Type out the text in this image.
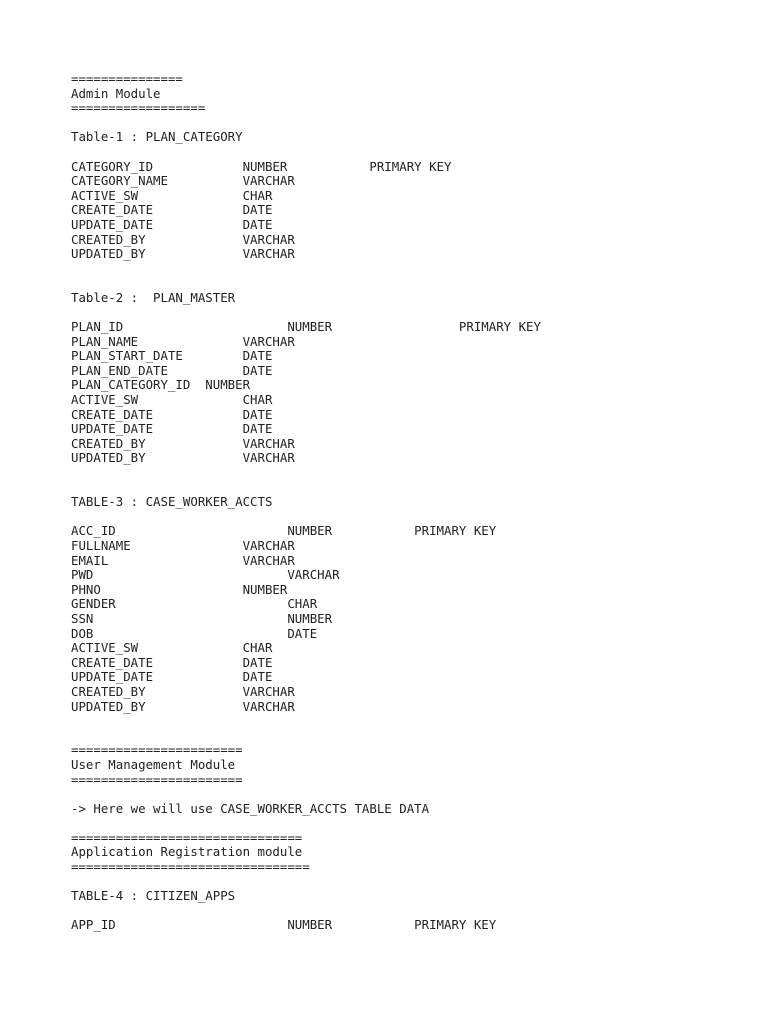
===============
Admin Module
==================
Table-1 : PLAN_CATEGORY
CATEGORY_ID            NUMBER           PRIMARY KEY
CATEGORY_NAME          VARCHAR
ACTIVE_SW              CHAR
CREATE_DATE            DATE
UPDATE_DATE            DATE
CREATED_BY             VARCHAR
UPDATED_BY             VARCHAR
Table-2 :  PLAN_MASTER
PLAN_ID                      NUMBER                 PRIMARY KEY
PLAN_NAME              VARCHAR
PLAN_START_DATE        DATE
PLAN_END_DATE          DATE
PLAN_CATEGORY_ID  NUMBER
ACTIVE_SW              CHAR
CREATE_DATE            DATE
UPDATE_DATE            DATE
CREATED_BY             VARCHAR
UPDATED_BY             VARCHAR
TABLE-3 : CASE_WORKER_ACCTS
ACC_ID                       NUMBER           PRIMARY KEY
FULLNAME               VARCHAR
EMAIL                  VARCHAR
PWD                          VARCHAR
PHNO                   NUMBER
GENDER                       CHAR
SSN                          NUMBER
DOB                          DATE
ACTIVE_SW              CHAR
CREATE_DATE            DATE
UPDATE_DATE            DATE
CREATED_BY             VARCHAR
UPDATED_BY             VARCHAR
=======================
User Management Module
=======================
-> Here we will use CASE_WORKER_ACCTS TABLE DATA
===============================
Application Registration module
================================
TABLE-4 : CITIZEN_APPS
APP_ID                       NUMBER           PRIMARY KEY
